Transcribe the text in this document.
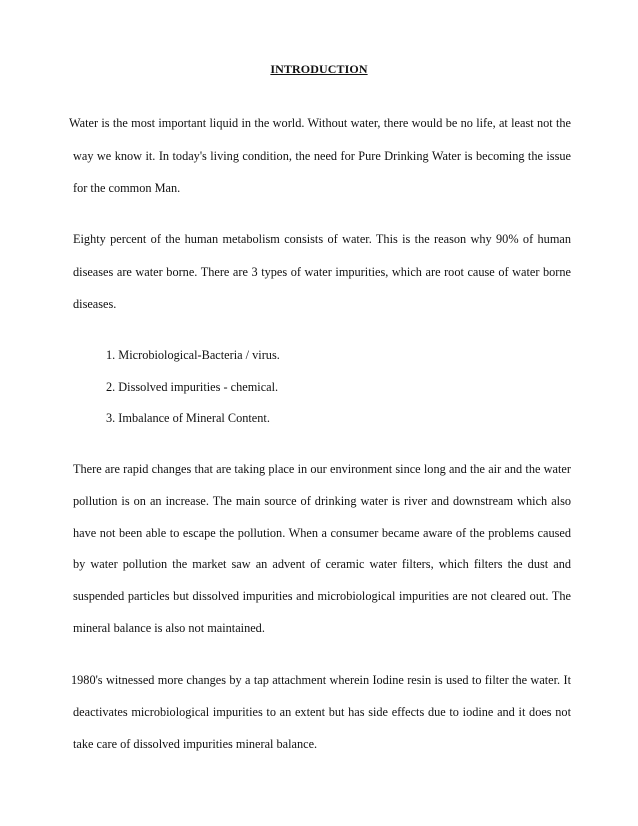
INTRODUCTION
Water is the most important liquid in the world. Without water, there would be no life, at least not the
way we know it. In today's living condition, the need for Pure Drinking Water is becoming the issue
for the common Man.
Eighty percent of the human metabolism consists of water. This is the reason why 90% of human
diseases are water borne. There are 3 types of water impurities, which are root cause of water borne
diseases.
1. Microbiological-Bacteria / virus.
2. Dissolved impurities - chemical.
3. Imbalance of Mineral Content.
There are rapid changes that are taking place in our environment since long and the air and the water
pollution is on an increase. The main source of drinking water is river and downstream which also
have not been able to escape the pollution. When a consumer became aware of the problems caused
by water pollution the market saw an advent of ceramic water filters, which filters the dust and
suspended particles but dissolved impurities and microbiological impurities are not cleared out. The
mineral balance is also not maintained.
1980's witnessed more changes by a tap attachment wherein Iodine resin is used to filter the water. It
deactivates microbiological impurities to an extent but has side effects due to iodine and it does not
take care of dissolved impurities mineral balance.
